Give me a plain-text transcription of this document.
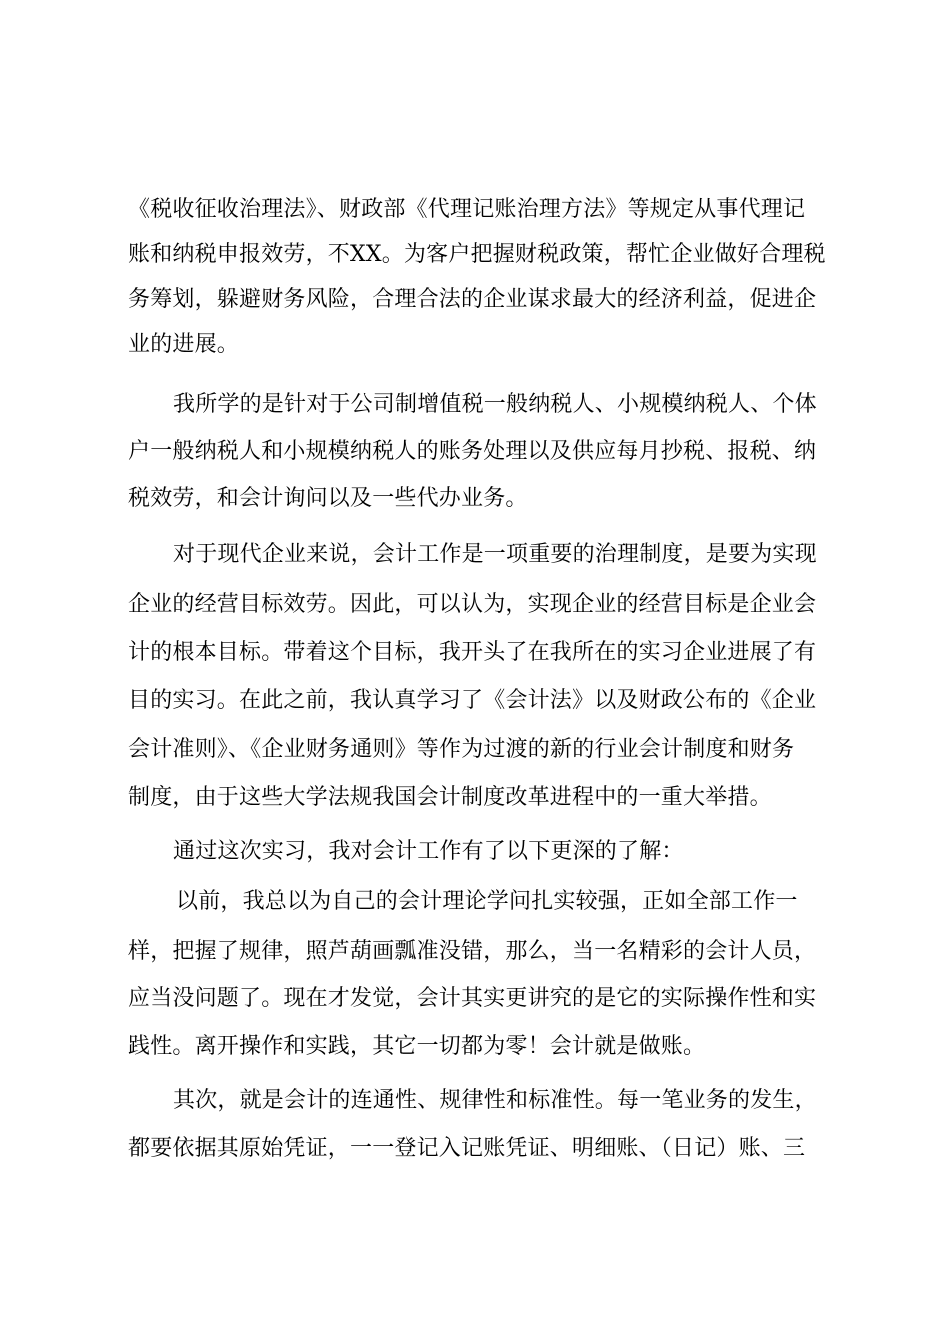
《税收征收治理法》、财政部《代理记账治理方法》等规定从事代理记
账和纳税申报效劳，不XX。为客户把握财税政策，帮忙企业做好合理税
务筹划，躲避财务风险，合理合法的企业谋求最大的经济利益，促进企
业的进展。
我所学的是针对于公司制增值税一般纳税人、小规模纳税人、个体
户一般纳税人和小规模纳税人的账务处理以及供应每月抄税、报税、纳
税效劳，和会计询问以及一些代办业务。
对于现代企业来说，会计工作是一项重要的治理制度，是要为实现
企业的经营目标效劳。因此，可以认为，实现企业的经营目标是企业会
计的根本目标。带着这个目标，我开头了在我所在的实习企业进展了有
目的实习。在此之前，我认真学习了《会计法》以及财政公布的《企业
会计准则》、《企业财务通则》等作为过渡的新的行业会计制度和财务
制度，由于这些大学法规我国会计制度改革进程中的一重大举措。
通过这次实习，我对会计工作有了以下更深的了解：
以前，我总以为自己的会计理论学问扎实较强，正如全部工作一
样，把握了规律，照芦葫画瓢准没错，那么，当一名精彩的会计人员，
应当没问题了。现在才发觉，会计其实更讲究的是它的实际操作性和实
践性。离开操作和实践，其它一切都为零！会计就是做账。
其次，就是会计的连通性、规律性和标准性。每一笔业务的发生，
都要依据其原始凭证，一一登记入记账凭证、明细账、（日记）账、三
